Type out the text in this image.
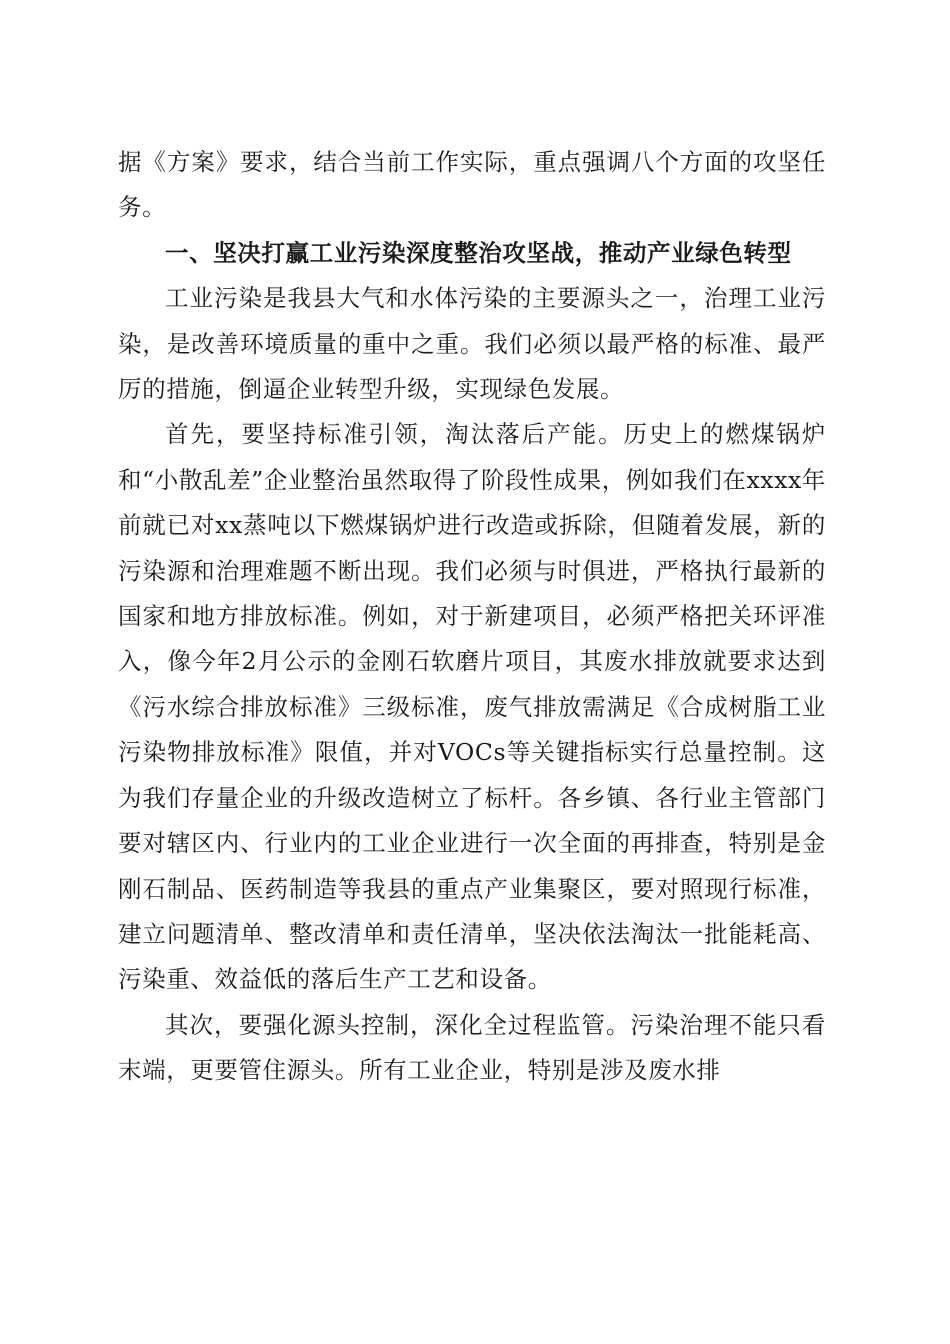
据《方案》要求，结合当前工作实际，重点强调八个方面的攻坚任务。

一、坚决打赢工业污染深度整治攻坚战，推动产业绿色转型

工业污染是我县大气和水体污染的主要源头之一，治理工业污染，是改善环境质量的重中之重。我们必须以最严格的标准、最严厉的措施，倒逼企业转型升级，实现绿色发展。

首先，要坚持标准引领，淘汰落后产能。历史上的燃煤锅炉和“小散乱差”企业整治虽然取得了阶段性成果，例如我们在xxxx年前就已对xx蒸吨以下燃煤锅炉进行改造或拆除，但随着发展，新的污染源和治理难题不断出现。我们必须与时俱进，严格执行最新的国家和地方排放标准。例如，对于新建项目，必须严格把关环评准入，像今年2月公示的金刚石软磨片项目，其废水排放就要求达到《污水综合排放标准》三级标准，废气排放需满足《合成树脂工业污染物排放标准》限值，并对VOCs等关键指标实行总量控制。这为我们存量企业的升级改造树立了标杆。各乡镇、各行业主管部门要对辖区内、行业内的工业企业进行一次全面的再排查，特别是金刚石制品、医药制造等我县的重点产业集聚区，要对照现行标准，建立问题清单、整改清单和责任清单，坚决依法淘汰一批能耗高、污染重、效益低的落后生产工艺和设备。

其次，要强化源头控制，深化全过程监管。污染治理不能只看末端，更要管住源头。所有工业企业，特别是涉及废水排
